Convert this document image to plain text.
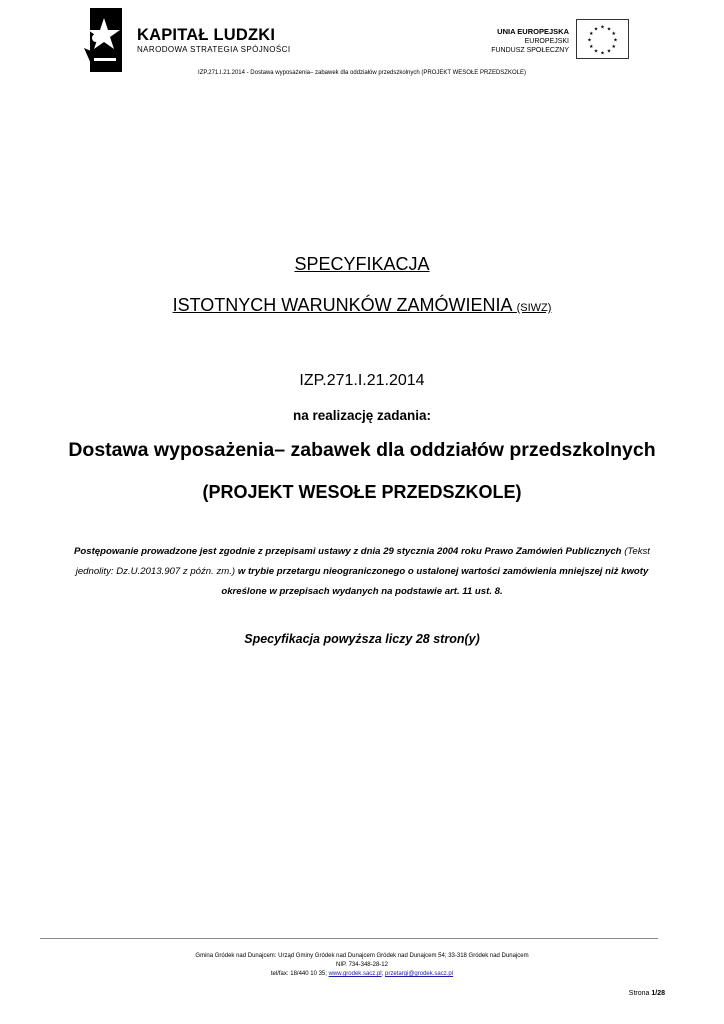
KAPITAŁ LUDZKI
NARODOWA STRATEGIA SPÓJNOŚCI
UNIA EUROPEJSKA
EUROPEJSKI
FUNDUSZ SPOŁECZNY
★ ★
★
★
★
★
★
★
★
★
★
★
IZP.271.I.21.2014 - Dostawa wyposażenia– zabawek dla oddziałów przedszkolnych (PROJEKT WESOŁE PRZEDSZKOLE)
SPECYFIKACJA
ISTOTNYCH WARUNKÓW ZAMÓWIENIA (SIWZ)
IZP.271.I.21.2014
na realizację zadania:
Dostawa wyposażenia– zabawek dla oddziałów przedszkolnych
(PROJEKT WESOŁE PRZEDSZKOLE)
Postępowanie prowadzone jest zgodnie z przepisami ustawy z dnia 29 stycznia 2004 roku Prawo Zamówień Publicznych (Tekst
jednolity: Dz.U.2013.907 z późn. zm.) w trybie przetargu nieograniczonego o ustalonej wartości zamówienia mniejszej niż kwoty
określone w przepisach wydanych na podstawie art. 11 ust. 8.
Specyfikacja powyższa liczy 28 stron(y)
Gmina Gródek nad Dunajcem: Urząd Gminy Gródek nad Dunajcem Gródek nad Dunajcem 54; 33-318 Gródek nad Dunajcem
NIP. 734-348-28-12
tel/fax: 18/440 10 35; www.grodek.sacz.pl; przetargi@grodek.sacz.pl
Strona 1/28
